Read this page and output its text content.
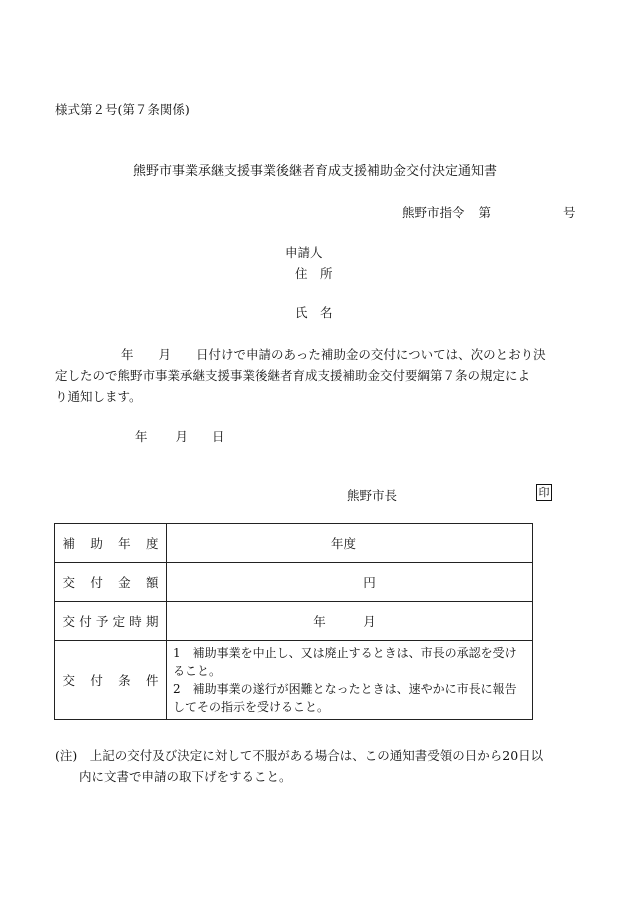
様式第２号(第７条関係)
熊野市事業承継支援事業後継者育成支援補助金交付決定通知書
熊野市指令 第	号
申請人
住　所
氏　名
年　　月　　日付けで申請のあった補助金の交付については、次のとおり決
定したので熊野市事業承継支援事業後継者育成支援補助金交付要綱第７条の規定によ
り通知します。
年 月 日
熊野市長	印
補助年度	年度
交付金額	円
交付予定時期	年　　　月
交付条件	1　補助事業を中止し、又は廃止するときは、市長の承認を受けること。

2　補助事業の遂行が困難となったときは、速やかに市長に報告してその指示を受けること。

(注)　上記の交付及び決定に対して不服がある場合は、この通知書受領の日から20日以
内に文書で申請の取下げをすること。
